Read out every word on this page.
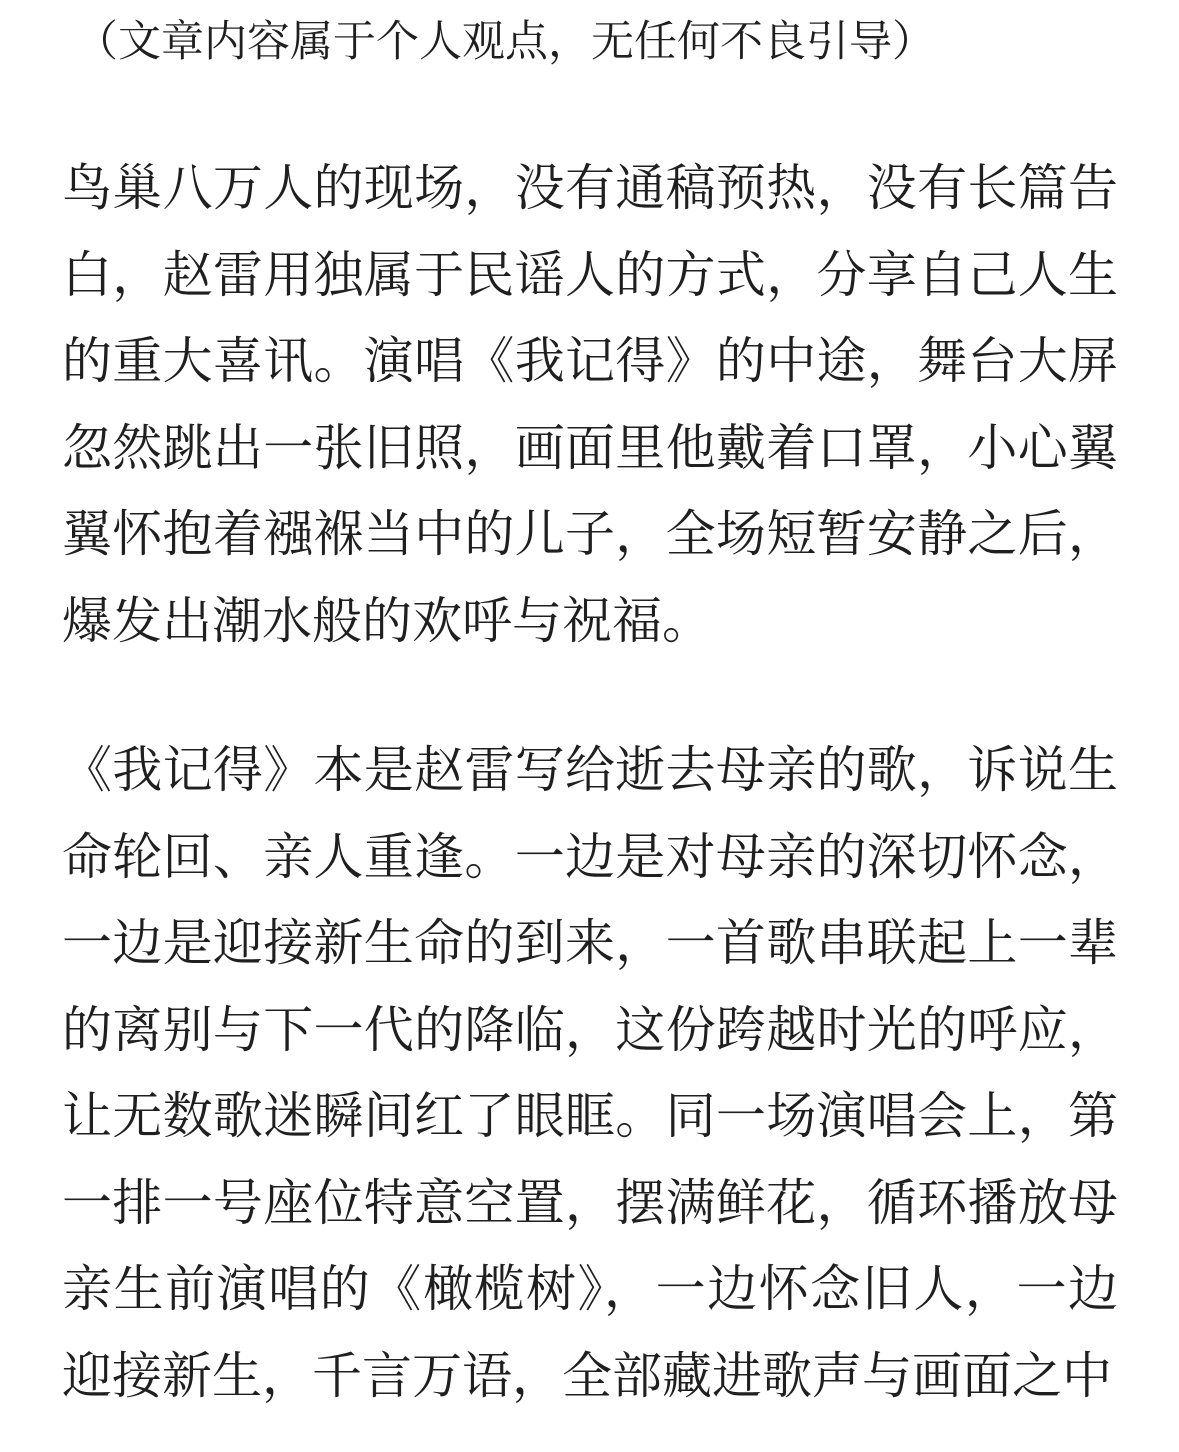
（文章内容属于个人观点，无任何不良引导）

鸟巢八万人的现场，没有通稿预热，没有长篇告白，赵雷用独属于民谣人的方式，分享自己人生的重大喜讯。演唱《我记得》的中途，舞台大屏忽然跳出一张旧照，画面里他戴着口罩，小心翼翼怀抱着襁褓当中的儿子，全场短暂安静之后，爆发出潮水般的欢呼与祝福。

《我记得》本是赵雷写给逝去母亲的歌，诉说生命轮回、亲人重逢。一边是对母亲的深切怀念，一边是迎接新生命的到来，一首歌串联起上一辈的离别与下一代的降临，这份跨越时光的呼应，让无数歌迷瞬间红了眼眶。同一场演唱会上，第一排一号座位特意空置，摆满鲜花，循环播放母亲生前演唱的《橄榄树》，一边怀念旧人，一边迎接新生，千言万语，全部藏进歌声与画面之中
